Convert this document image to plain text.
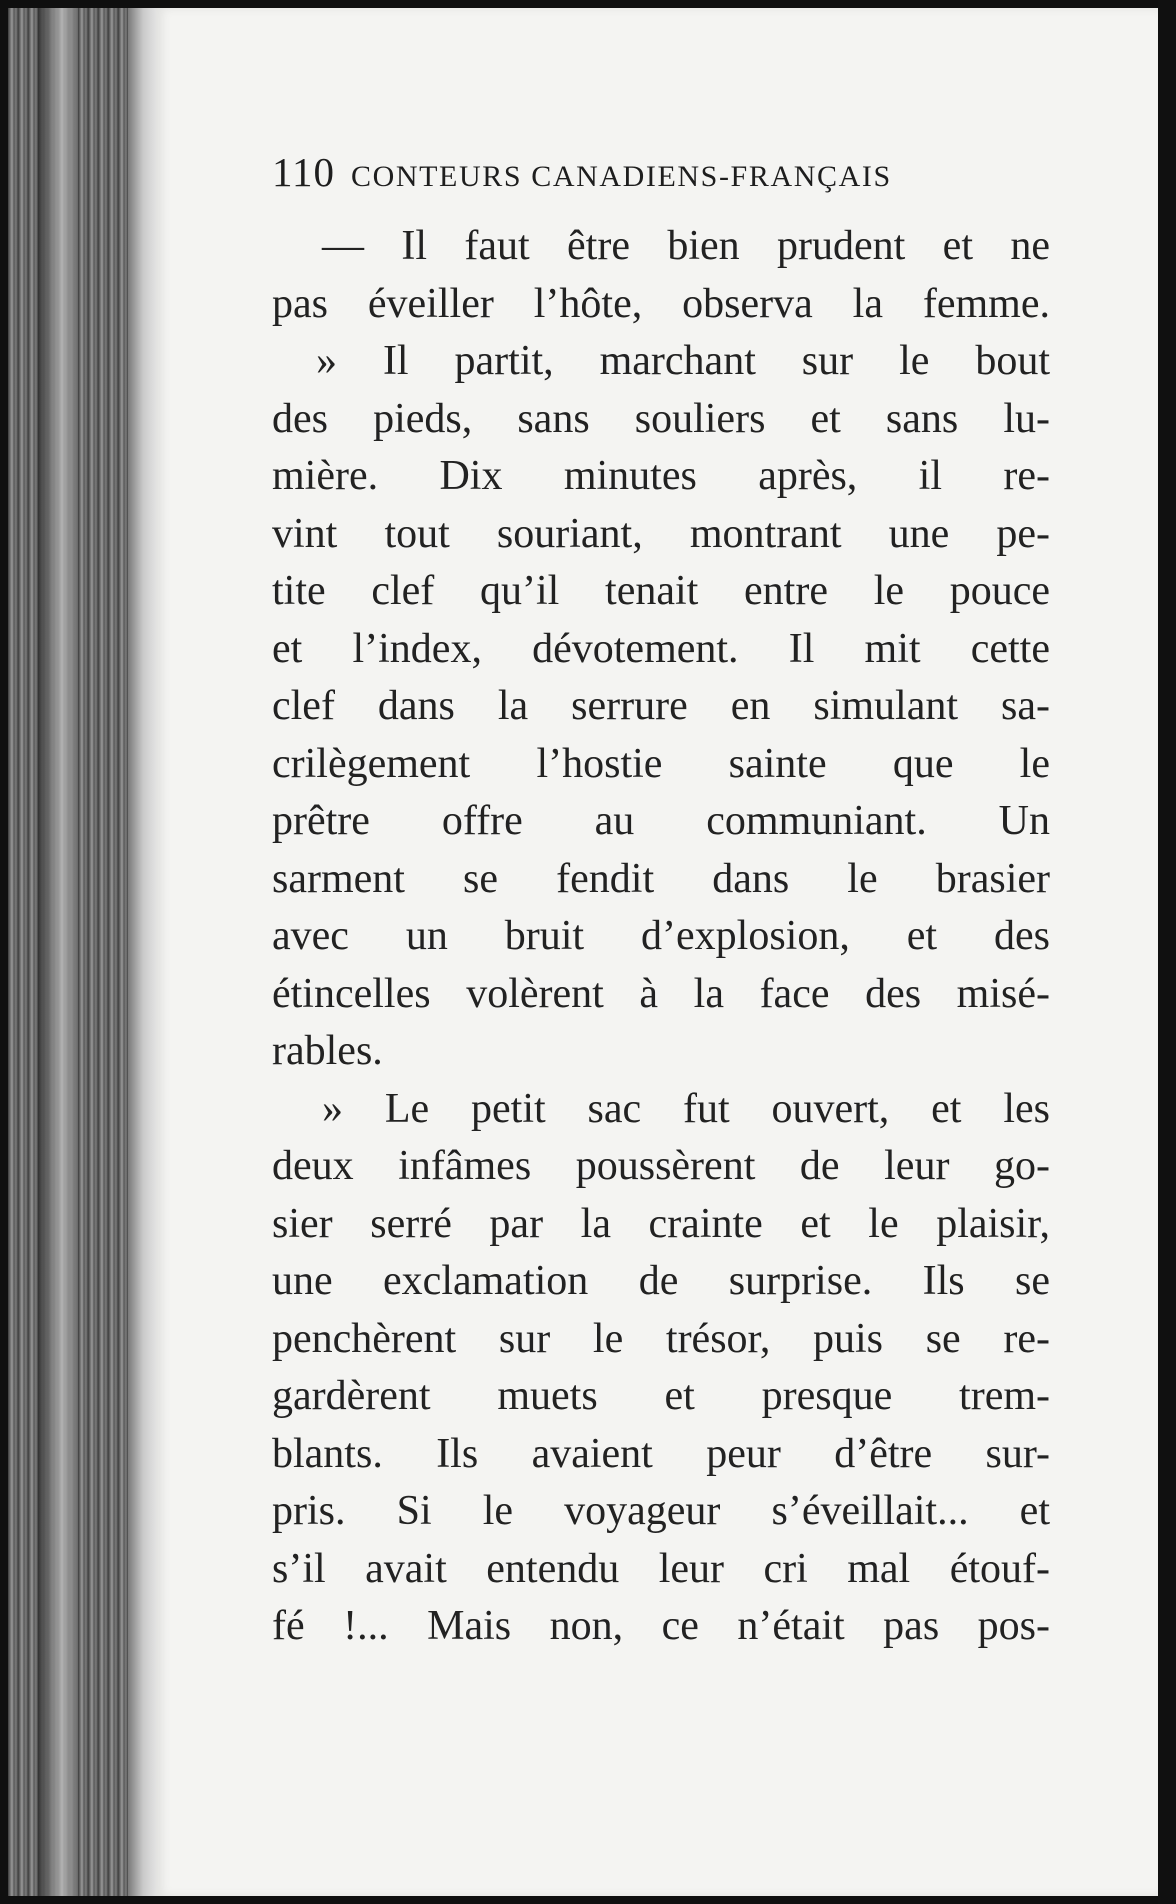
110 CONTEURS CANADIENS-FRANÇAIS
— Il faut être bien prudent et ne
pas éveiller l’hôte, observa la femme.
» Il partit, marchant sur le bout
des pieds, sans souliers et sans lu-
mière. Dix minutes après, il re-
vint tout souriant, montrant une pe-
tite clef qu’il tenait entre le pouce
et l’index, dévotement. Il mit cette
clef dans la serrure en simulant sa-
crilègement l’hostie sainte que le
prêtre offre au communiant. Un
sarment se fendit dans le brasier
avec un bruit d’explosion, et des
étincelles volèrent à la face des misé-
rables.
» Le petit sac fut ouvert, et les
deux infâmes poussèrent de leur go-
sier serré par la crainte et le plaisir,
une exclamation de surprise. Ils se
penchèrent sur le trésor, puis se re-
gardèrent muets et presque trem-
blants. Ils avaient peur d’être sur-
pris. Si le voyageur s’éveillait... et
s’il avait entendu leur cri mal étouf-
fé !... Mais non, ce n’était pas pos-
